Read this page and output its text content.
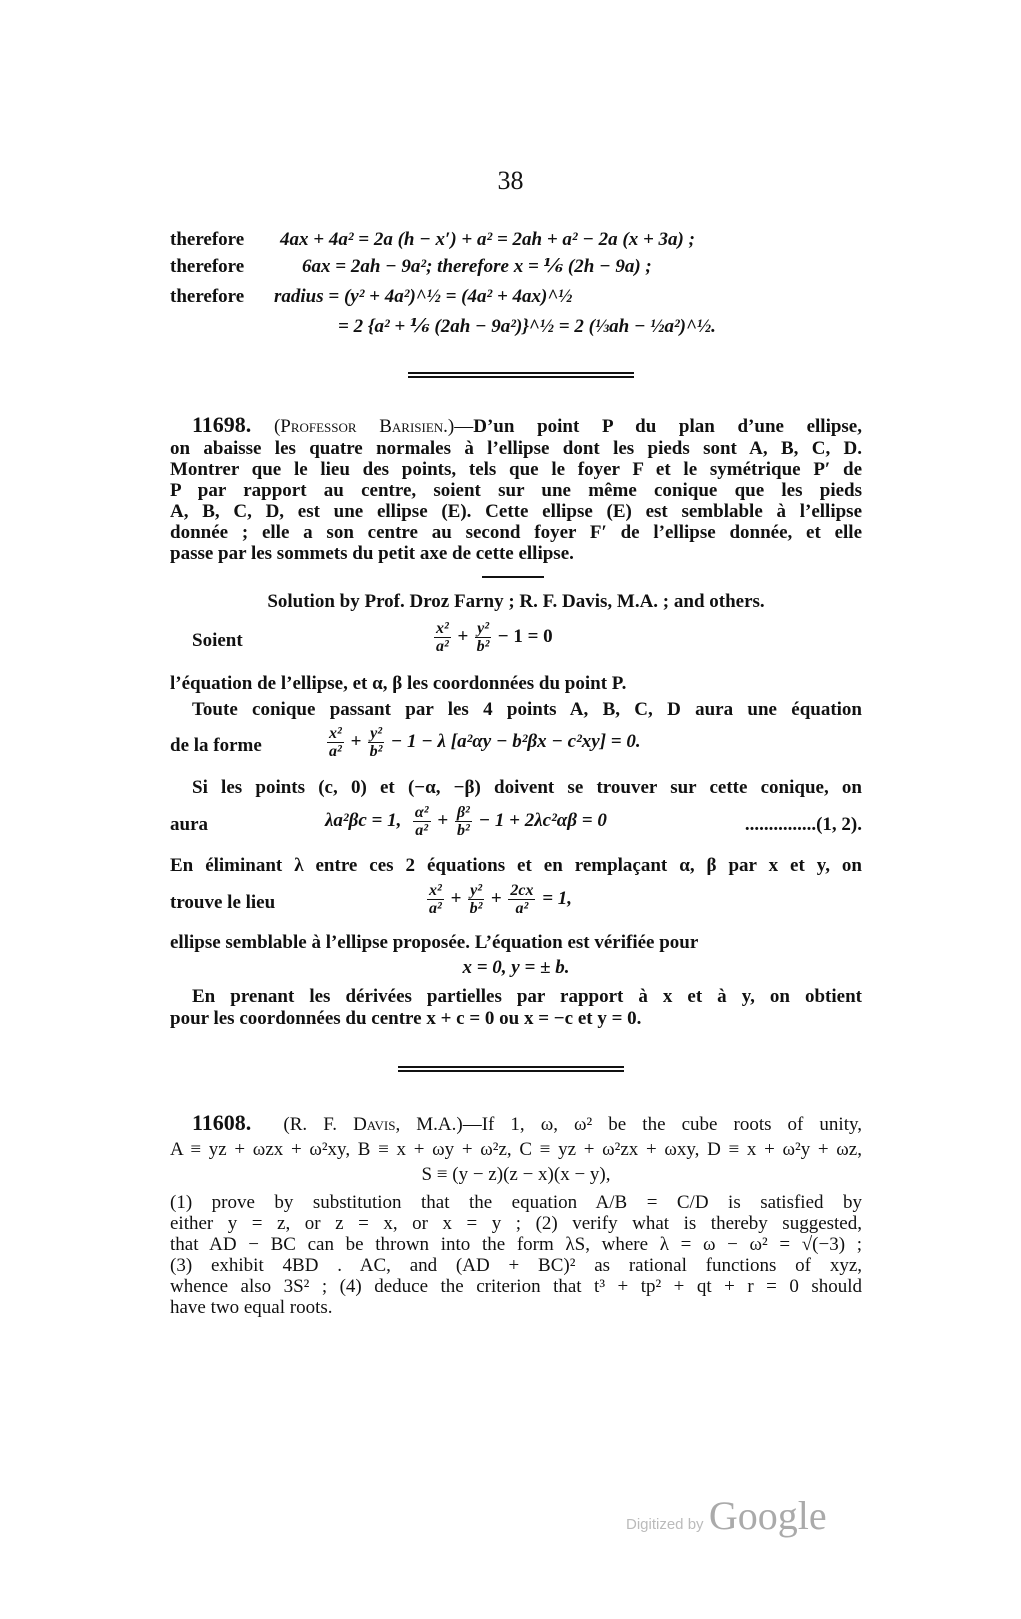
38
therefore 4ax + 4a² = 2a (h − x′) + a² = 2ah + a² − 2a (x + 3a) ;
therefore	6ax = 2ah − 9a²; therefore x = ⅙ (2h − 9a) ;
therefore radius = (y² + 4a²)^½ = (4a² + 4ax)^½
= 2 {a² + ⅙ (2ah − 9a²)}^½ = 2 (⅓ah − ½a²)^½.
11698. (Professor Barisien.)—D’un point P du plan d’une ellipse,
on abaisse les quatre normales à l’ellipse dont les pieds sont A, B, C, D.
Montrer que le lieu des points, tels que le foyer F et le symétrique P′ de
P par rapport au centre, soient sur une même conique que les pieds
A, B, C, D, est une ellipse (E). Cette ellipse (E) est semblable à l’ellipse
donnée ; elle a son centre au second foyer F′ de l’ellipse donnée, et elle
passe par les sommets du petit axe de cette ellipse.
Solution by Prof. Droz Farny ; R. F. Davis, M.A. ; and others.
Soient	$\frac{\text{x²}}{\text{a²}} + \frac{\text{y²}}{\text{b²}} - 1 = 0$
l’équation de l’ellipse, et α, β les coordonnées du point P.
Toute conique passant par les 4 points A, B, C, D aura une équation
de la forme	$\frac{\text{x²}}{\text{a²}} + \frac{\text{y²}}{\text{b²}} - 1 - \lambda$ [a²αy − b²βx − c²xy] = 0.
Si les points (c, 0) et (−α, −β) doivent se trouver sur cette conique, on
aura	λa²βc = 1, $\frac{\text{α²}}{\text{a²}} + \frac{\text{β²}}{\text{b²}} - 1 + 2\lambda c^2\alpha\beta = 0$	...............(1, 2).
En éliminant λ entre ces 2 équations et en remplaçant α, β par x et y, on
trouve le lieu	$\frac{\text{x²}}{\text{a²}} + \frac{\text{y²}}{\text{b²}} + \frac{2cx}{\text{a²}} = 1$,
ellipse semblable à l’ellipse proposée. L’équation est vérifiée pour
x = 0, y = ± b.
En prenant les dérivées partielles par rapport à x et à y, on obtient
pour les coordonnées du centre x + c = 0 ou x = −c et y = 0.
11608. (R. F. Davis, M.A.)—If 1, ω, ω² be the cube roots of unity,
A ≡ yz + ωzx + ω²xy, B ≡ x + ωy + ω²z, C ≡ yz + ω²zx + ωxy, D ≡ x + ω²y + ωz,
S ≡ (y − z)(z − x)(x − y),
(1) prove by substitution that the equation A/B = C/D is satisfied by
either y = z, or z = x, or x = y ; (2) verify what is thereby suggested,
that AD − BC can be thrown into the form λS, where λ = ω − ω² = √(−3) ;
(3) exhibit 4BD . AC, and (AD + BC)² as rational functions of xyz,
whence also 3S² ; (4) deduce the criterion that t³ + tp² + qt + r = 0 should
have two equal roots.
Digitized by Google
